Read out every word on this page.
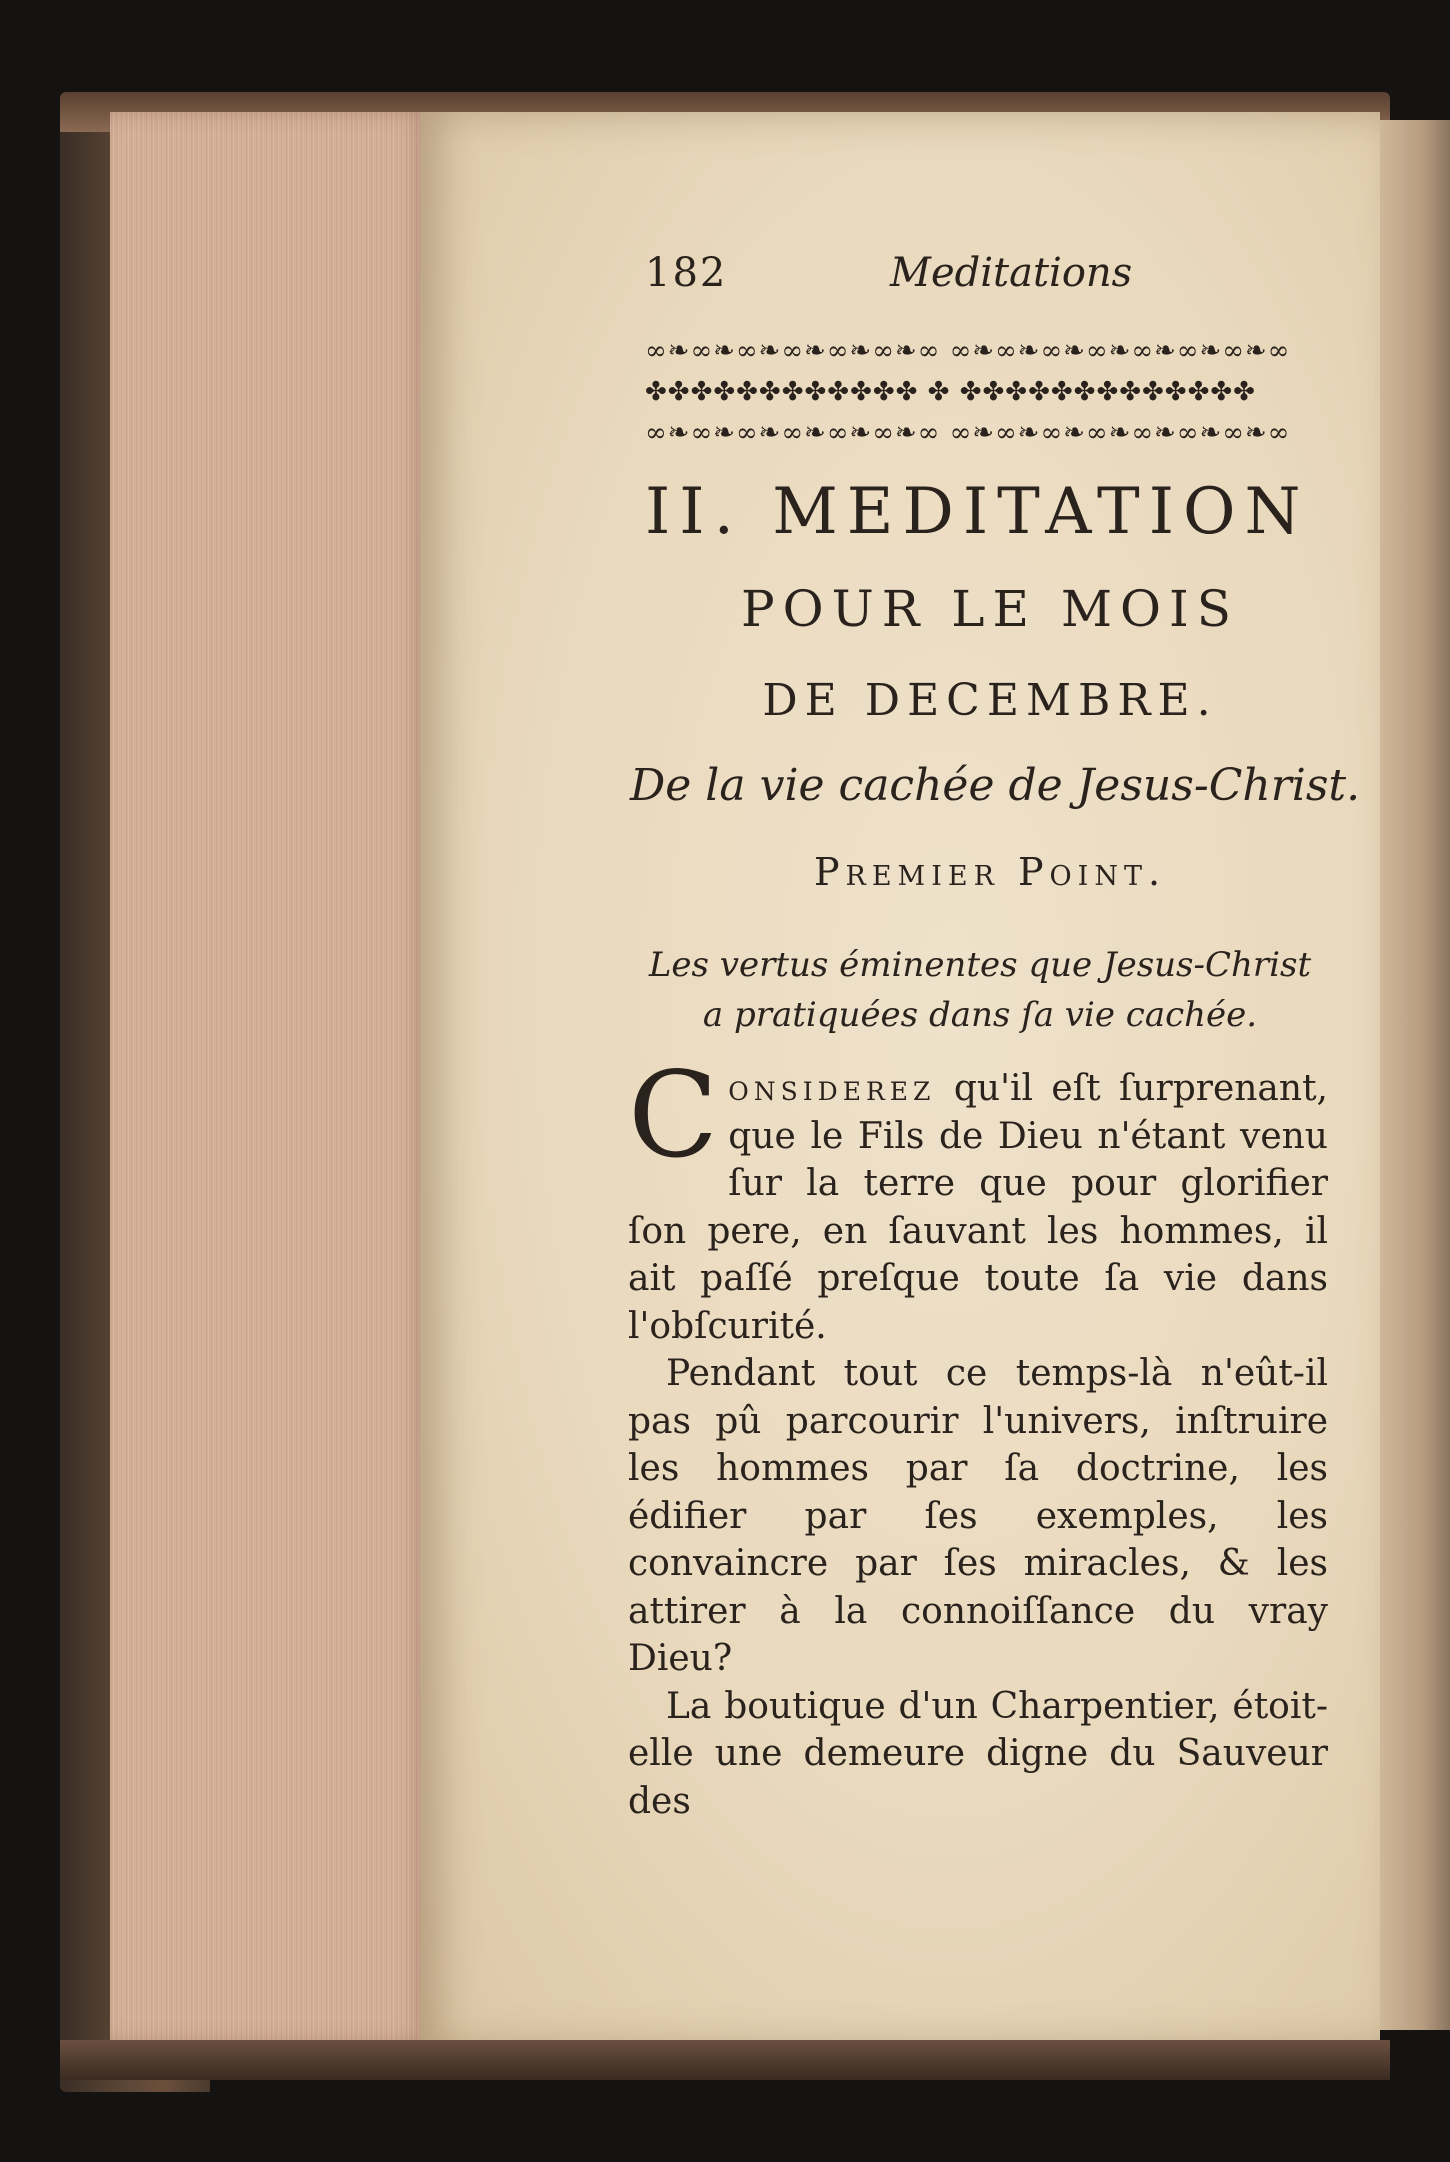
182	Meditations
∞❧∞❧∞❧∞❧∞❧∞❧∞ ∞❧∞❧∞❧∞❧∞❧∞❧∞❧∞
✤✤✤✤✤✤✤✤✤✤✤✤ ✤ ✤✤✤✤✤✤✤✤✤✤✤✤✤
∞❧∞❧∞❧∞❧∞❧∞❧∞ ∞❧∞❧∞❧∞❧∞❧∞❧∞❧∞
II. MEDITATION
POUR LE MOIS
DE DECEMBRE.
De la vie cachée de Jesus-Christ.
Premier Point.
Les vertus éminentes que Jesus-Christ
a pratiquées dans ſa vie cachée.

Considerez qu'il eſt ſurprenant, que le Fils de Dieu n'étant venu ſur la terre que pour glorifier ſon pere, en ſauvant les hommes, il ait paſſé preſque toute ſa vie dans l'obſcurité.

Pendant tout ce temps-là n'eût-il pas pû parcourir l'univers, inſtruire les hommes par ſa doctrine, les édifier par ſes exemples, les convaincre par ſes miracles, & les attirer à la connoiſſance du vray Dieu?

La boutique d'un Charpentier, étoit-elle une demeure digne du Sauveur des
